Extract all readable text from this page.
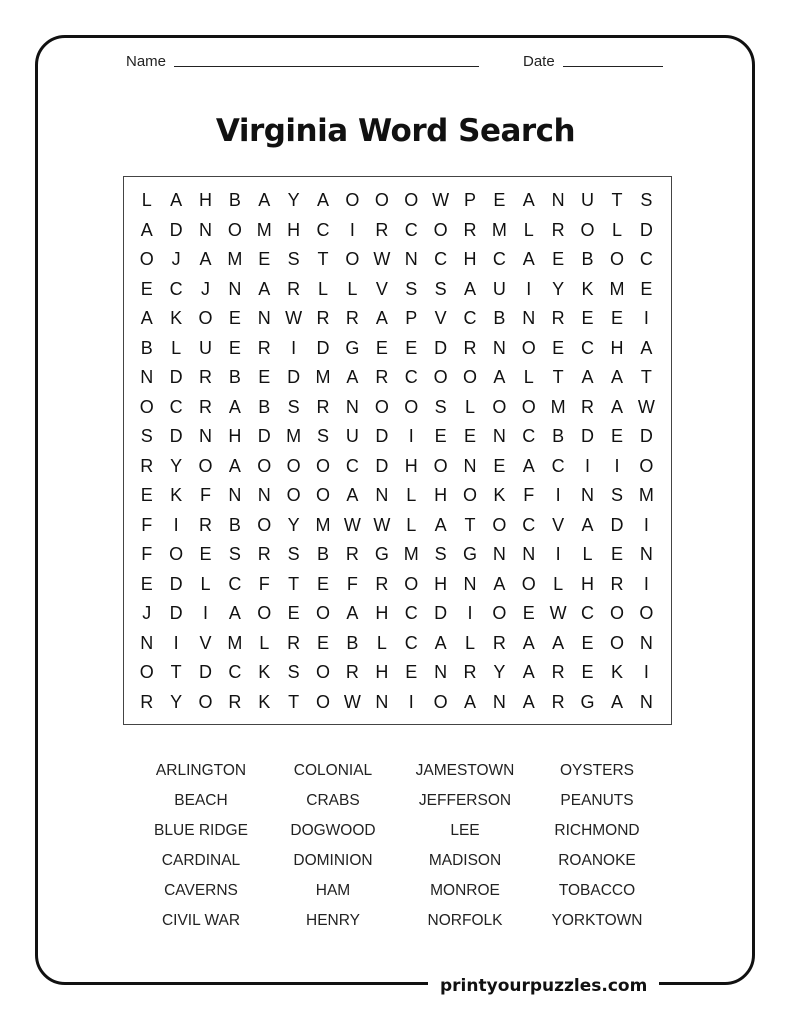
Name	Date
Virginia Word Search
L	A H B A Y A O O O W P E A N U T S
A D N O M H C	I	R C O R M L R O L D
O J	A M E S T O W N C H C A E B O C
E C	J	N A R L	L	V S S A U	I	Y K M E
A K O E N W R R A P V C B N R E E	I
B	L U E R	I	D G E E D R N O E C H A
N D R B E D M A R C O O A	L	T A A T
O C R A B S R N O O S	L O O M R A W
S D N H D M S U D	I	E E N C B D E D
R Y O A O O O C D H O N E A C	I	I	O
E K F N N O O A N L H O K F	I	N S M
F	I	R B O Y M W W L	A T O C V A D	I
F O E S R S B R G M S G N N	I	L	E N
E D L C F	T E F R O H N A O L H R	I
J	D	I	A O E O A H C D	I	O E W C O O
N	I	V M L R E B	L C A	L R A A E O N
O T D C K S O R H E N R Y A R E K	I
R Y O R K T O W N	I	O A N A R G A N
ARLINGTON	COLONIAL	JAMESTOWN	OYSTERS
BEACH	CRABS	JEFFERSON	PEANUTS
BLUE RIDGE	DOGWOOD	LEE	RICHMOND
CARDINAL	DOMINION	MADISON	ROANOKE
CAVERNS	HAM	MONROE	TOBACCO
CIVIL WAR	HENRY	NORFOLK	YORKTOWN
printyourpuzzles.com
